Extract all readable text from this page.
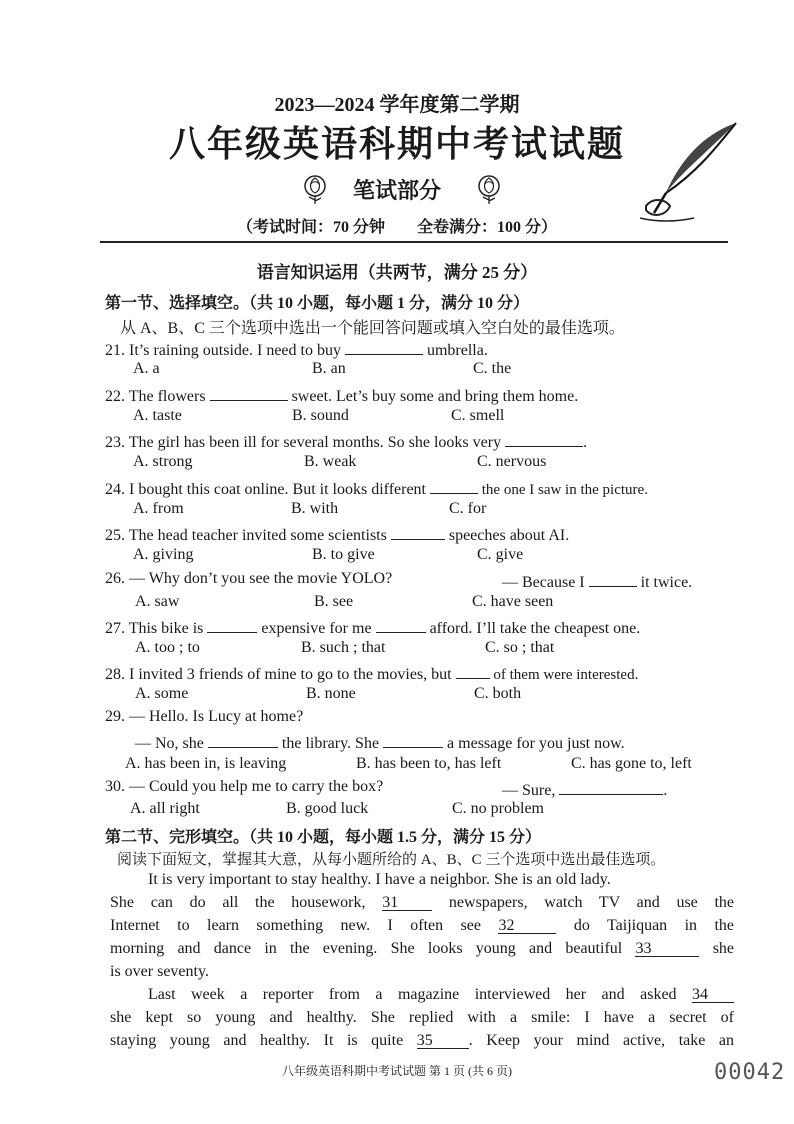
2023—2024 学年度第二学期
八年级英语科期中考试试题
笔试部分
（考试时间：70 分钟　　全卷满分：100 分）
语言知识运用（共两节，满分 25 分）
第一节、选择填空。（共 10 小题，每小题 1 分，满分 10 分）
从 A、B、C 三个选项中选出一个能回答问题或填入空白处的最佳选项。
21. It’s raining outside. I need to buy	umbrella.
A. a	B. an	C. the
22. The flowers	sweet. Let’s buy some and bring them home.
A. taste	B. sound	C. smell
23. The girl has been ill for several months. So she looks very	.
A. strong	B. weak	C. nervous
24. I bought this coat online. But it looks different	the one I saw in the picture.
A. from	B. with	C. for
25. The head teacher invited some scientists	speeches about AI.
A. giving	B. to give	C. give
26. — Why don’t you see the movie YOLO?	— Because I	it twice.
A. saw	B. see	C. have seen
27. This bike is	expensive for me	afford. I’ll take the cheapest one.
A. too ; to	B. such ; that	C. so ; that
28. I invited 3 friends of mine to go to the movies, but  of them were interested.
A. some	B. none	C. both
29. — Hello. Is Lucy at home?
— No, she	the library. She	a message for you just now.
A. has been in, is leaving	B. has been to, has left	C. has gone to, left
30. — Could you help me to carry the box?	— Sure,	.
A. all right	B. good luck	C. no problem
第二节、完形填空。（共 10 小题，每小题 1.5 分，满分 15 分）
阅读下面短文，掌握其大意，从每小题所给的 A、B、C 三个选项中选出最佳选项。
It is very important to stay healthy. I have a neighbor. She is an old lady.
She can do all the housework, 31	newspapers, watch TV and use the
Internet to learn something new. I often see 32	do Taijiquan in the
morning and dance in the evening. She looks young and beautiful 33	she
is over seventy.
Last week a reporter from a magazine interviewed her and asked 34
she kept so young and healthy. She replied with a smile: I have a secret of
staying young and healthy. It is quite 35 . Keep your mind active, take an
八年级英语科期中考试试题 第 1 页 (共 6 页)	00042
